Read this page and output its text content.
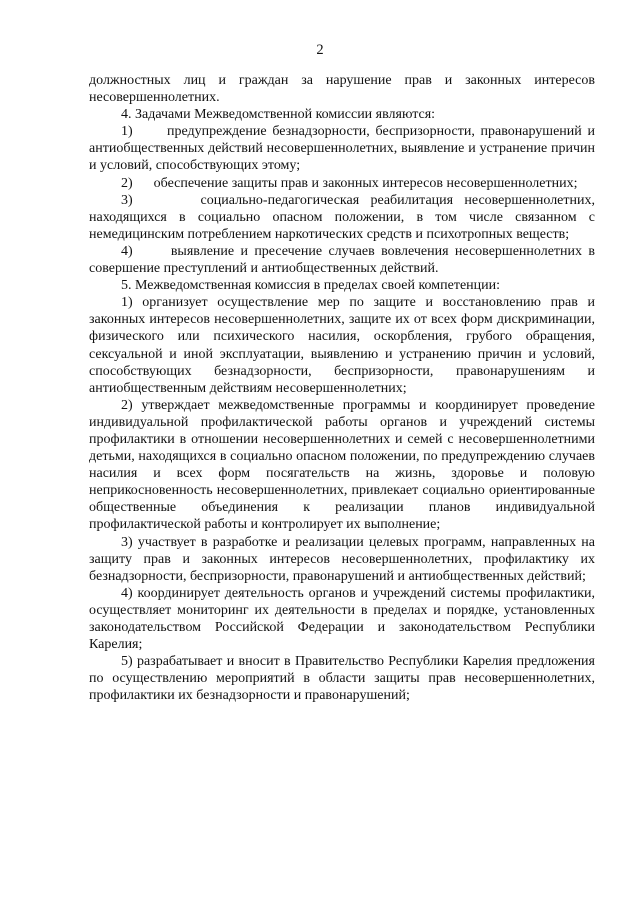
2

должностных лиц и граждан за нарушение прав и законных интересов несовершеннолетних.

4. Задачами Межведомственной комиссии являются:

1)      предупреждение безнадзорности, беспризорности, правонарушений и антиобщественных действий несовершеннолетних, выявление и устранение причин и условий, способствующих этому;

2)      обеспечение защиты прав и законных интересов несовершеннолетних;

3)      социально-педагогическая реабилитация несовершеннолетних, находящихся в социально опасном положении, в том числе связанном с немедицинским потреблением наркотических средств и психотропных веществ;

4)      выявление и пресечение случаев вовлечения несовершеннолетних в совершение преступлений и антиобщественных действий.

5. Межведомственная комиссия в пределах своей компетенции:

1) организует осуществление мер по защите и восстановлению прав и законных интересов несовершеннолетних, защите их от всех форм дискриминации, физического или психического насилия, оскорбления, грубого обращения, сексуальной и иной эксплуатации, выявлению и устранению причин и условий, способствующих безнадзорности, беспризорности, правонарушениям и антиобщественным действиям несовершеннолетних;

2) утверждает межведомственные программы и координирует проведение индивидуальной профилактической работы органов и учреждений системы профилактики в отношении несовершеннолетних и семей с несовершеннолетними детьми, находящихся в социально опасном положении, по предупреждению случаев насилия и всех форм посягательств на жизнь, здоровье и половую неприкосновенность несовершеннолетних, привлекает социально ориентированные общественные объединения к реализации планов индивидуальной профилактической работы и контролирует их выполнение;

3) участвует в разработке и реализации целевых программ, направленных на защиту прав и законных интересов несовершеннолетних, профилактику их безнадзорности, беспризорности, правонарушений и антиобщественных действий;

4) координирует деятельность органов и учреждений системы профилактики, осуществляет мониторинг их деятельности в пределах и порядке, установленных законодательством Российской Федерации и законодательством Республики Карелия;

5) разрабатывает и вносит в Правительство Республики Карелия предложения по осуществлению мероприятий в области защиты прав несовершеннолетних, профилактики их безнадзорности и правонарушений;
